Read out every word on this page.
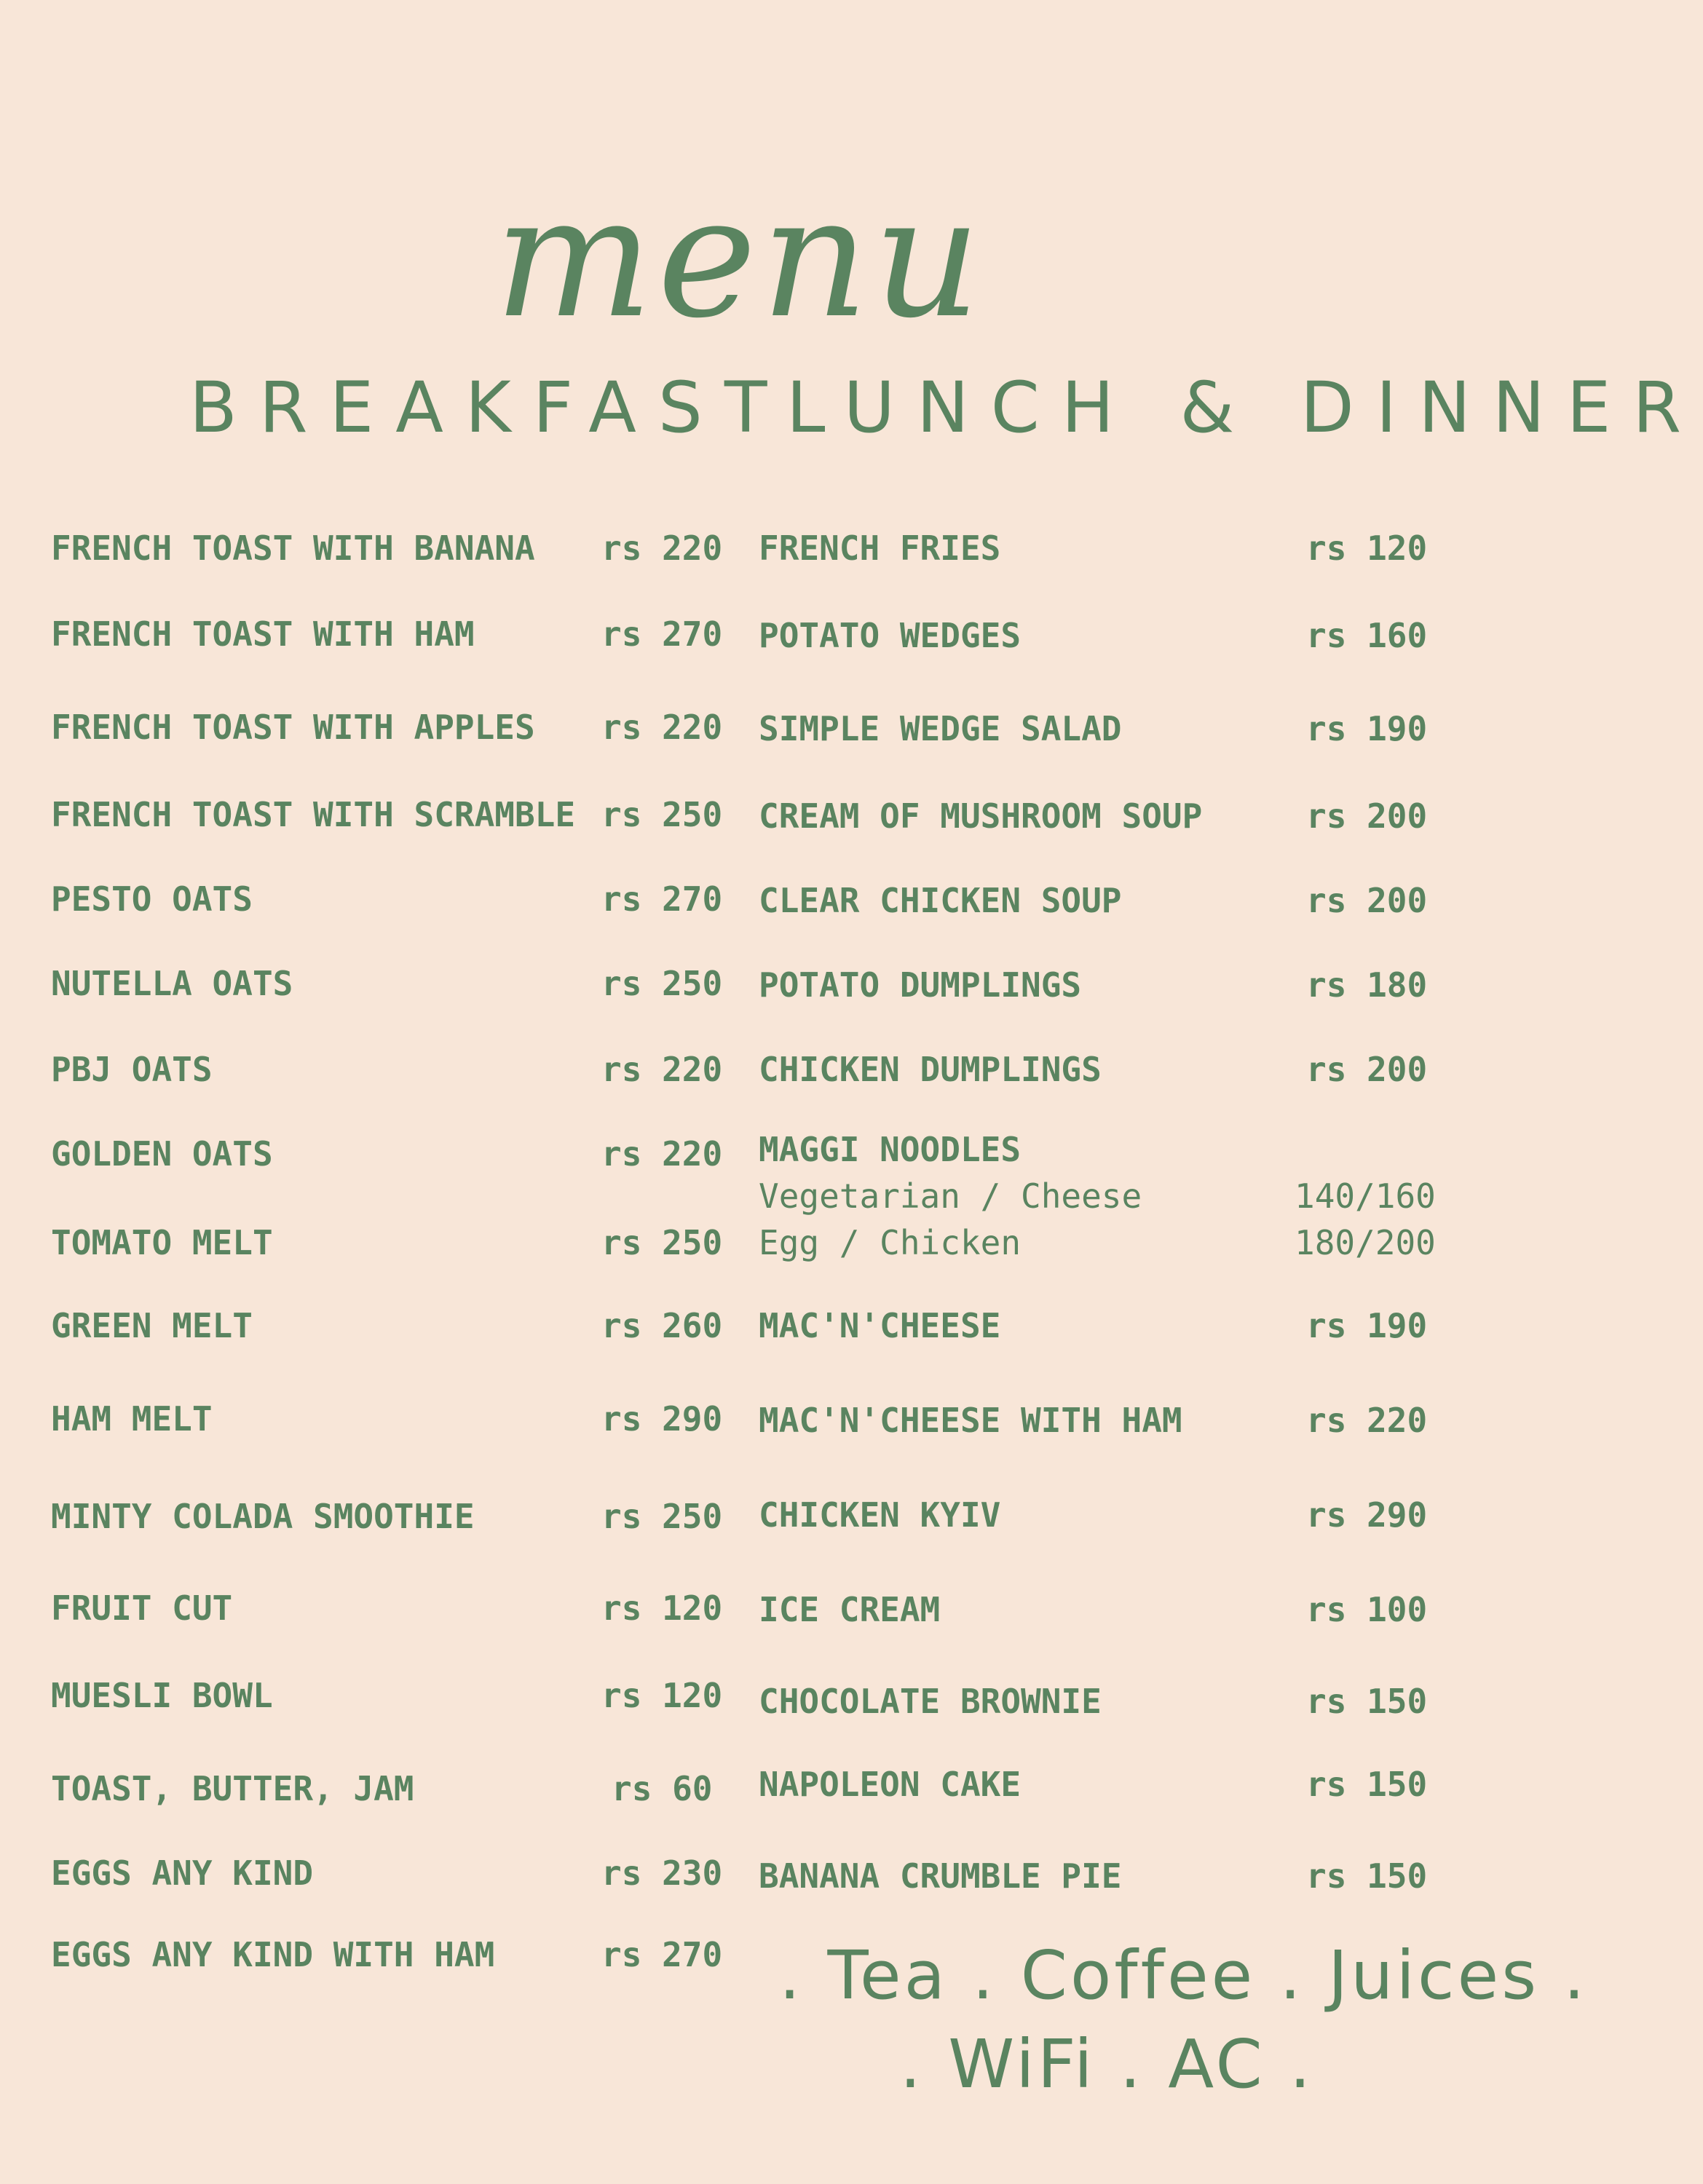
menu
BREAKFAST
LUNCH & DINNER
FRENCH TOAST WITH BANANA rs 220
FRENCH TOAST WITH HAM	rs 270
FRENCH TOAST WITH APPLES rs 220
FRENCH TOAST WITH SCRAMBLE rs 250
PESTO OATS	rs 270
NUTELLA OATS	rs 250
PBJ OATS	rs 220
GOLDEN OATS	rs 220
TOMATO MELT	rs 250
GREEN MELT	rs 260
HAM MELT	rs 290
MINTY COLADA SMOOTHIE	rs 250
FRUIT CUT	rs 120
MUESLI BOWL	rs 120
TOAST, BUTTER, JAM	rs 60
EGGS ANY KIND	rs 230
EGGS ANY KIND WITH HAM	rs 270
FRENCH FRIES	rs 120
POTATO WEDGES	rs 160
SIMPLE WEDGE SALAD	rs 190
CREAM OF MUSHROOM SOUP	rs 200
CLEAR CHICKEN SOUP	rs 200
POTATO DUMPLINGS	rs 180
CHICKEN DUMPLINGS	rs 200
MAGGI NOODLES
Vegetarian / Cheese	140/160
Egg / Chicken	180/200
MAC'N'CHEESE	rs 190
MAC'N'CHEESE WITH HAM	rs 220
CHICKEN KYIV	rs 290
ICE CREAM	rs 100
CHOCOLATE BROWNIE	rs 150
NAPOLEON CAKE	rs 150
BANANA CRUMBLE PIE	rs 150
. Tea . Coffee . Juices .
. WiFi . AC .
